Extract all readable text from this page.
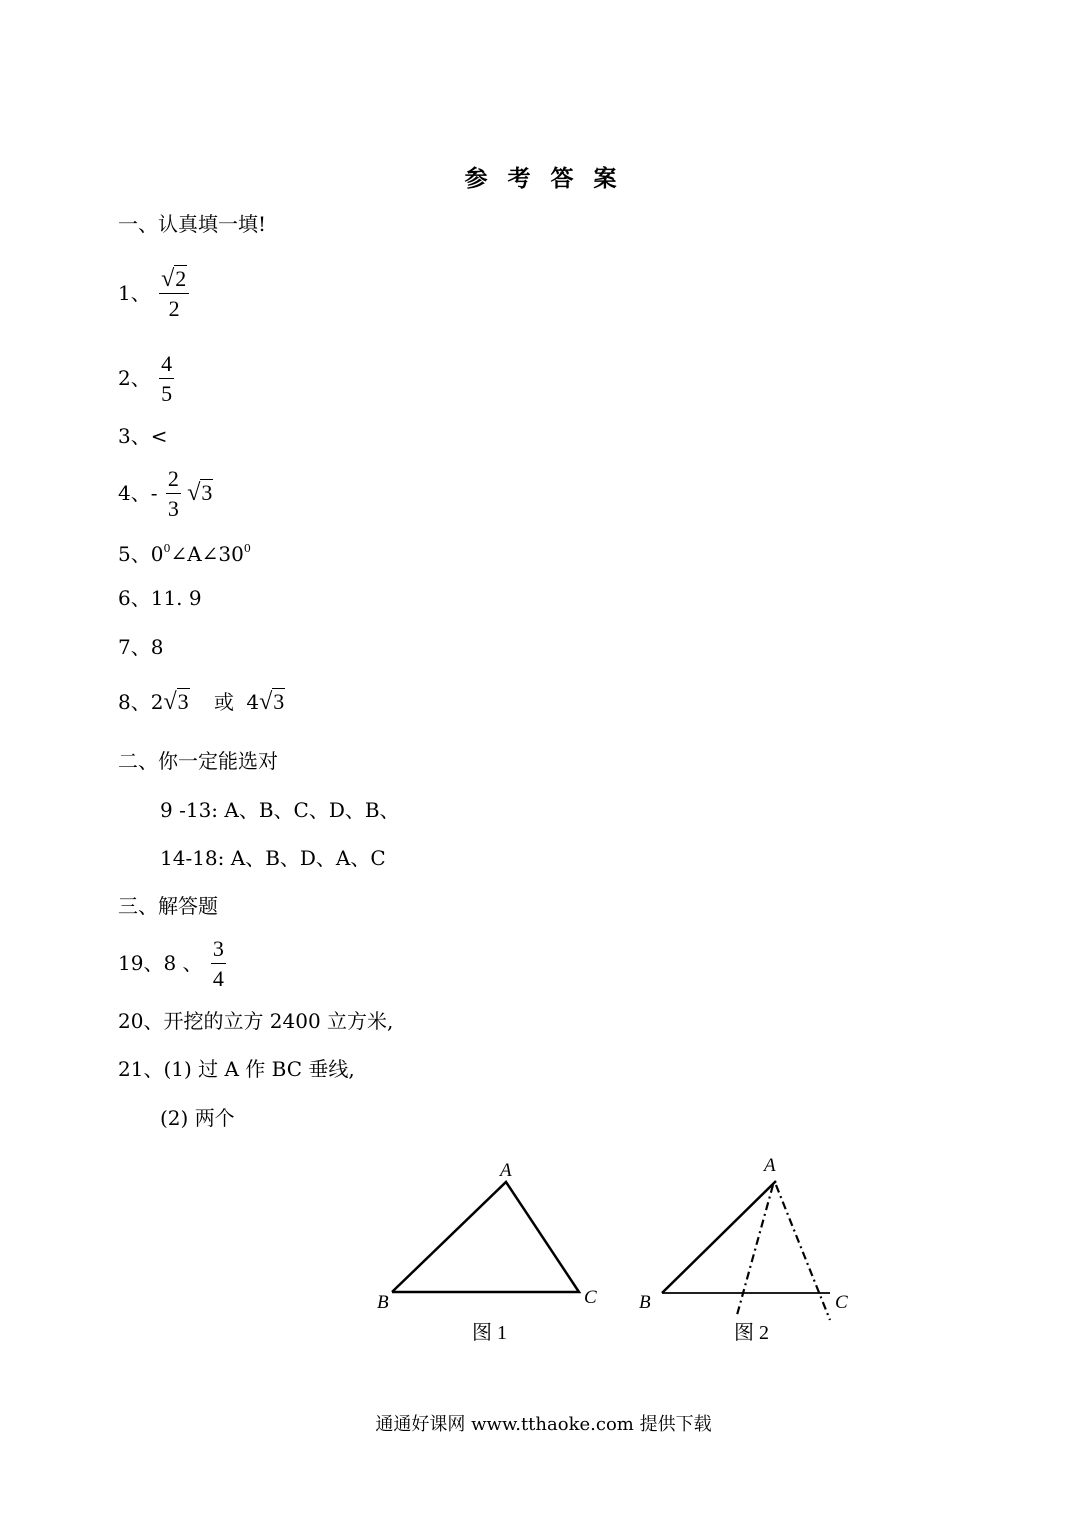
参 考 答 案
一、认真填一填!
1、 $\frac{√2}{2}$
2、 $\frac{4}{5}$
3、<
4、- $\frac{2}{3} √3$
5、$0^0\angle A\angle 30^0$
6、11. 9
7、8
8、2√3 或 4√3
二、你一定能选对
9 -13: A、B、C、D、B、
14-18: A、B、D、A、C
三、解答题
19、8 、 $\frac{3}{4}$
20、开挖的立方 2400 立方米,
21、(1) 过 A 作 BC 垂线,
(2) 两个
A
B	C
图 1
A
B	C
图 2
通通好课网 www.tthaoke.com 提供下载
